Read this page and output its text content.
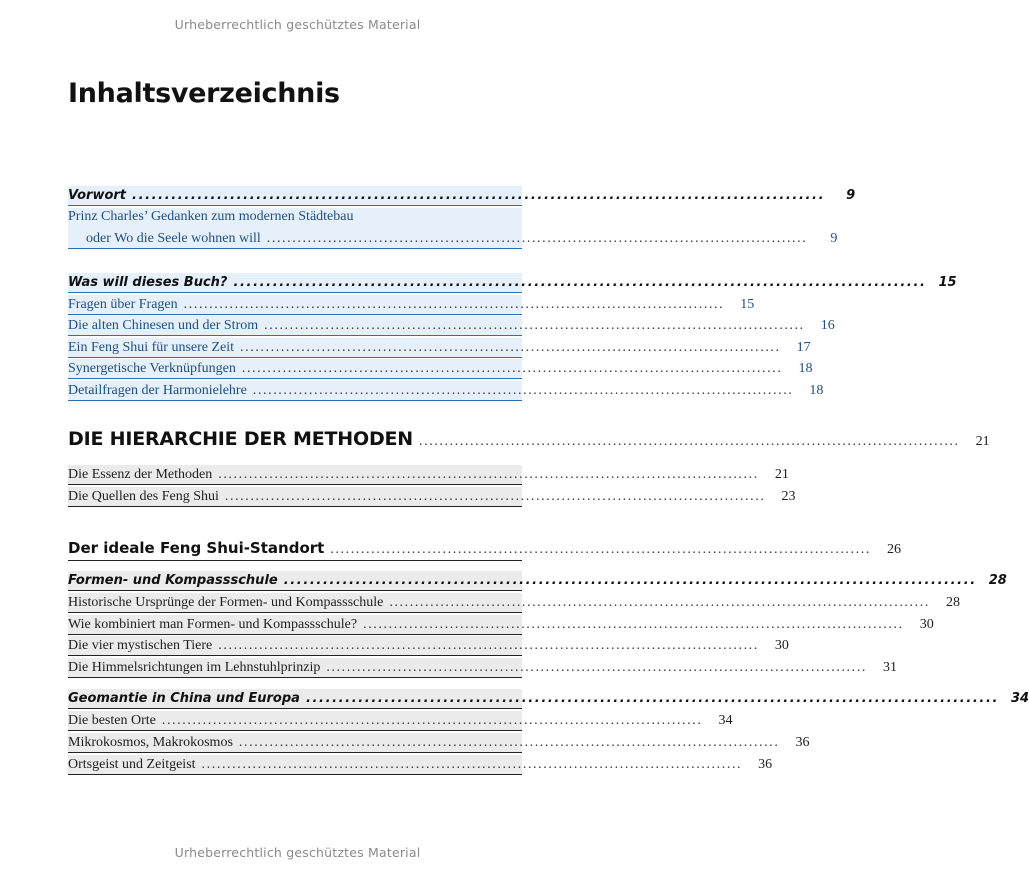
Urheberrechtlich geschütztes Material
Inhaltsverzeichnis
Vorwort ..........................................................................................................	9
Prinz Charles’ Gedanken zum modernen Städtebau
oder Wo die Seele wohnen will ..........................................................................................................	9
Was will dieses Buch? .......................................................................................................... 15
Fragen über Fragen ..........................................................................................................	15
Die alten Chinesen und der Strom ..........................................................................................................	16
Ein Feng Shui für unsere Zeit ..........................................................................................................	17
Synergetische Verknüpfungen ..........................................................................................................	18
Detailfragen der Harmonielehre ..........................................................................................................	18
DIE HIERARCHIE DER METHODEN ..........................................................................................................	21
Die Essenz der Methoden ..........................................................................................................	21
Die Quellen des Feng Shui ..........................................................................................................	23
Der ideale Feng Shui-Standort ..........................................................................................................	26
Formen- und Kompassschule .......................................................................................................... 28
Historische Ursprünge der Formen- und Kompassschule ..........................................................................................................	28
Wie kombiniert man Formen- und Kompassschule? ..........................................................................................................	30
Die vier mystischen Tiere ..........................................................................................................	30
Die Himmelsrichtungen im Lehnstuhlprinzip ..........................................................................................................	31
Geomantie in China und Europa .......................................................................................................... 34
Die besten Orte ..........................................................................................................	34
Mikrokosmos, Makrokosmos ..........................................................................................................	36
Ortsgeist und Zeitgeist ..........................................................................................................	36
Urheberrechtlich geschütztes Material
